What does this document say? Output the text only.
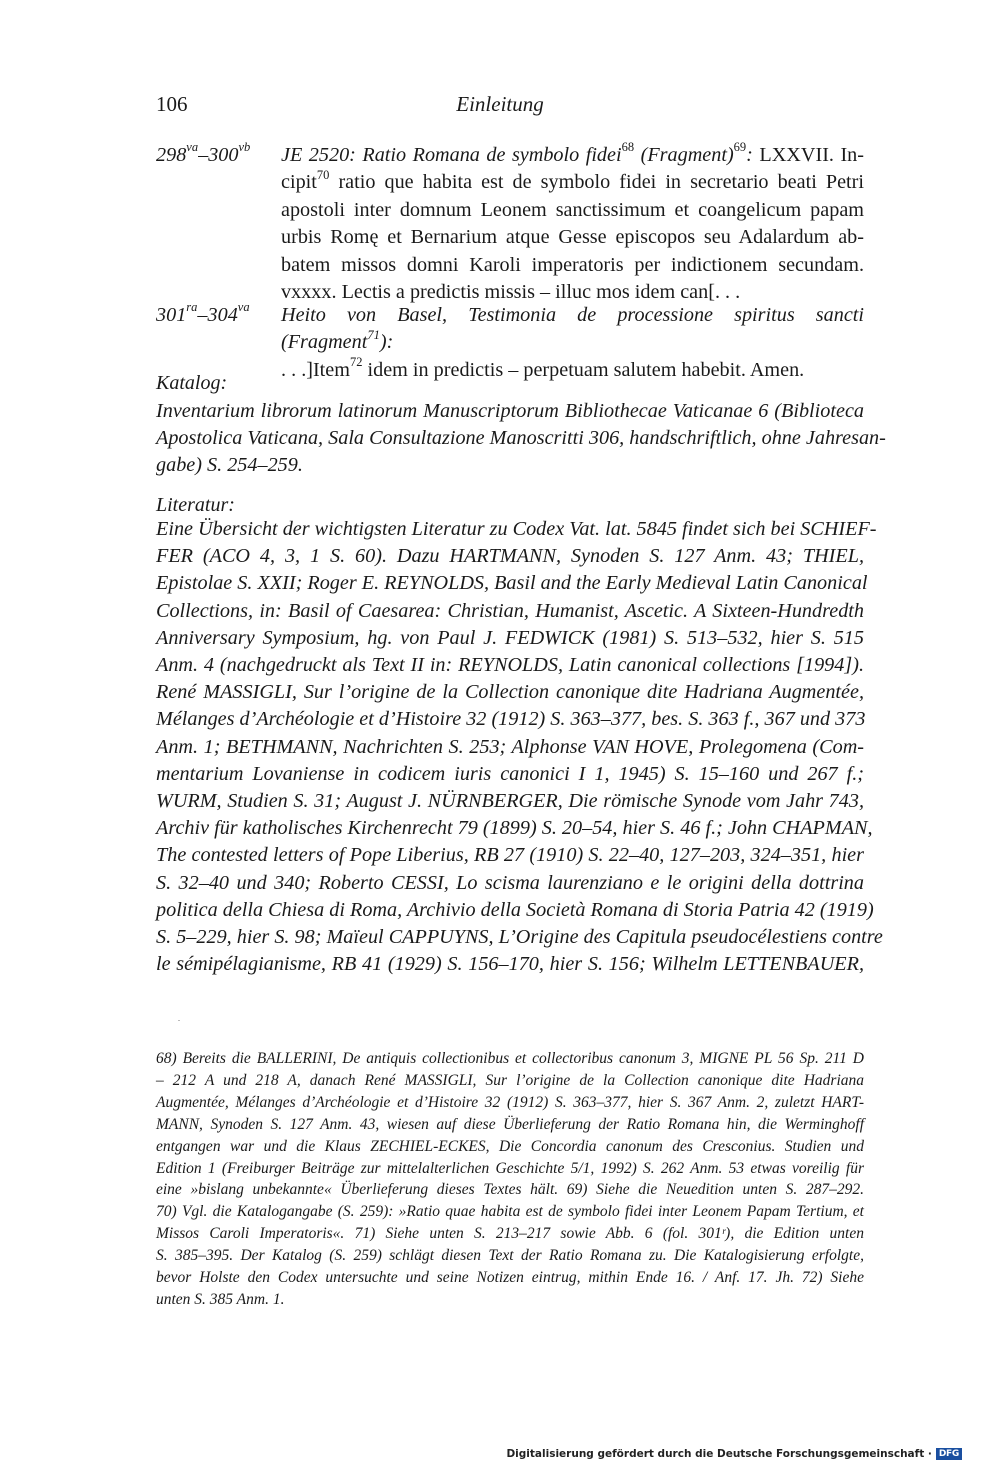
106	Einleitung
$298^{va}-300^{vb}$	JE 2520: Ratio Romana de symbolo fidei$^{68}$ (Fragment)$^{69}$: LXXVII. In-
cipit$^{70}$ ratio que habita est de symbolo fidei in secretario beati Petri
apostoli inter domnum Leonem sanctissimum et coangelicum papam
urbis Romę et Bernarium atque Gesse episcopos seu Adalardum ab-
batem missos domni Karoli imperatoris per indictionem secundam.
vxxxx. Lectis a predictis missis – illuc mos idem can[. . .
$301^{ra}-304^{va}$	Heito von Basel, Testimonia de processione spiritus sancti (Fragment$^{71}$):
. . .]Item$^{72}$ idem in predictis – perpetuam salutem habebit. Amen.
Katalog:
Inventarium librorum latinorum Manuscriptorum Bibliothecae Vaticanae 6 (Biblioteca
Apostolica Vaticana, Sala Consultazione Manoscritti 306, handschriftlich, ohne Jahresan-
gabe) S. 254–259.
Literatur:
Eine Übersicht der wichtigsten Literatur zu Codex Vat. lat. 5845 findet sich bei SCHIEF-
FER (ACO 4, 3, 1 S. 60). Dazu HARTMANN, Synoden S. 127 Anm. 43; THIEL,
Epistolae S. XXII; Roger E. REYNOLDS, Basil and the Early Medieval Latin Canonical
Collections, in: Basil of Caesarea: Christian, Humanist, Ascetic. A Sixteen-Hundredth
Anniversary Symposium, hg. von Paul J. FEDWICK (1981) S. 513–532, hier S. 515
Anm. 4 (nachgedruckt als Text II in: REYNOLDS, Latin canonical collections [1994]).
René MASSIGLI, Sur l’origine de la Collection canonique dite Hadriana Augmentée,
Mélanges d’Archéologie et d’Histoire 32 (1912) S. 363–377, bes. S. 363 f., 367 und 373
Anm. 1; BETHMANN, Nachrichten S. 253; Alphonse VAN HOVE, Prolegomena (Com-
mentarium Lovaniense in codicem iuris canonici I 1, 1945) S. 15–160 und 267 f.;
WURM, Studien S. 31; August J. NÜRNBERGER, Die römische Synode vom Jahr 743,
Archiv für katholisches Kirchenrecht 79 (1899) S. 20–54, hier S. 46 f.; John CHAPMAN,
The contested letters of Pope Liberius, RB 27 (1910) S. 22–40, 127–203, 324–351, hier
S. 32–40 und 340; Roberto CESSI, Lo scisma laurenziano e le origini della dottrina
politica della Chiesa di Roma, Archivio della Società Romana di Storia Patria 42 (1919)
S. 5–229, hier S. 98; Maïeul CAPPUYNS, L’Origine des Capitula pseudocélestiens contre
le sémipélagianisme, RB 41 (1929) S. 156–170, hier S. 156; Wilhelm LETTENBAUER,
68) Bereits die BALLERINI, De antiquis collectionibus et collectoribus canonum 3, MIGNE PL 56 Sp. 211 D
– 212 A und 218 A, danach René MASSIGLI, Sur l’origine de la Collection canonique dite Hadriana
Augmentée, Mélanges d’Archéologie et d’Histoire 32 (1912) S. 363–377, hier S. 367 Anm. 2, zuletzt HART-
MANN, Synoden S. 127 Anm. 43, wiesen auf diese Überlieferung der Ratio Romana hin, die Werminghoff
entgangen war und die Klaus ZECHIEL-ECKES, Die Concordia canonum des Cresconius. Studien und
Edition 1 (Freiburger Beiträge zur mittelalterlichen Geschichte 5/1, 1992) S. 262 Anm. 53 etwas voreilig für
eine »bislang unbekannte« Überlieferung dieses Textes hält. 69) Siehe die Neuedition unten S. 287–292.
70) Vgl. die Katalogangabe (S. 259): »Ratio quae habita est de symbolo fidei inter Leonem Papam Tertium, et
Missos Caroli Imperatoris«. 71) Siehe unten S. 213–217 sowie Abb. 6 (fol. 301ʳ), die Edition unten
S. 385–395. Der Katalog (S. 259) schlägt diesen Text der Ratio Romana zu. Die Katalogisierung erfolgte,
bevor Holste den Codex untersuchte und seine Notizen eintrug, mithin Ende 16. / Anf. 17. Jh. 72) Siehe
unten S. 385 Anm. 1.
Digitalisierung gefördert durch die Deutsche Forschungsgemeinschaft · DFG
